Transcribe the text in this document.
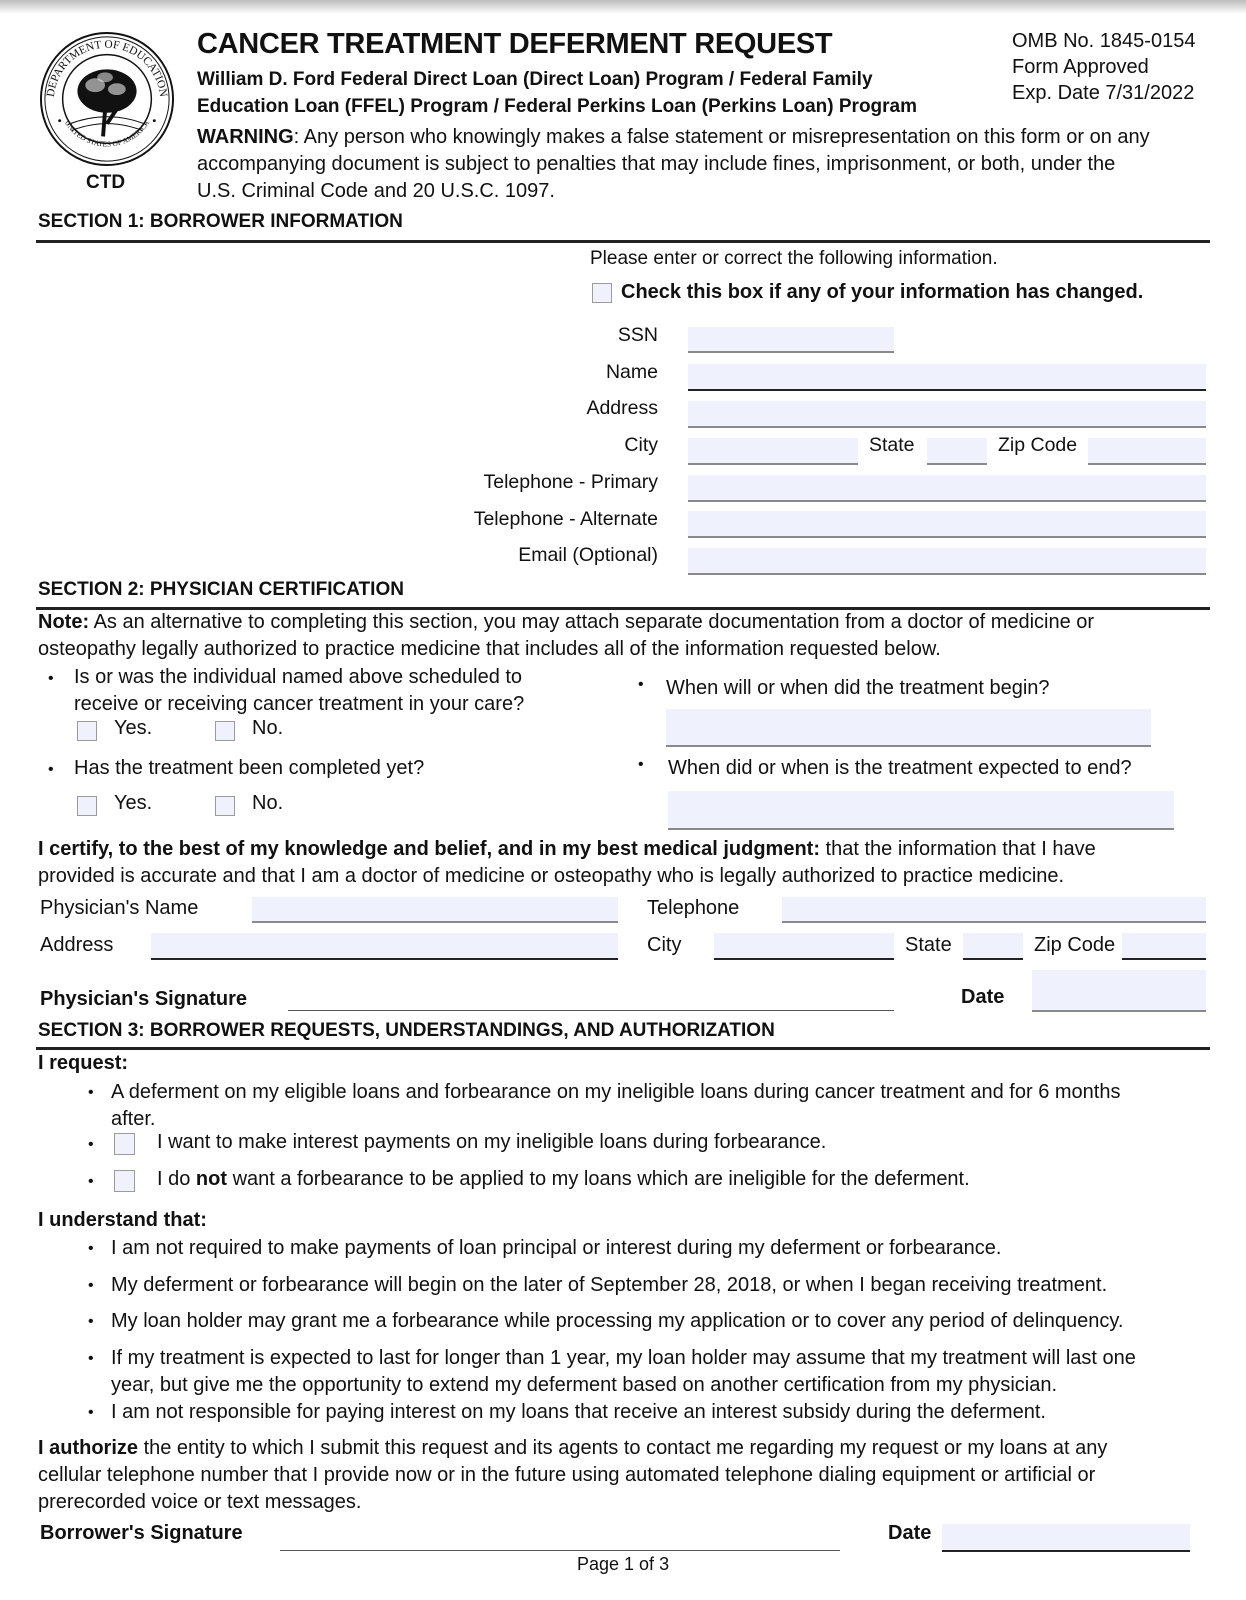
DEPARTMENT OF EDUCATION
UNITED STATES OF AMERICA
CTD
CANCER TREATMENT DEFERMENT REQUEST
William D. Ford Federal Direct Loan (Direct Loan) Program / Federal Family
Education Loan (FFEL) Program / Federal Perkins Loan (Perkins Loan) Program
WARNING: Any person who knowingly makes a false statement or misrepresentation on this form or on any
accompanying document is subject to penalties that may include fines, imprisonment, or both, under the
U.S. Criminal Code and 20 U.S.C. 1097.
OMB No. 1845-0154
Form Approved
Exp. Date 7/31/2022
SECTION 1: BORROWER INFORMATION
Please enter or correct the following information.
Check this box if any of your information has changed.
SSN
Name
Address
City	State	Zip Code
Telephone - Primary
Telephone - Alternate
Email (Optional)
SECTION 2: PHYSICIAN CERTIFICATION
Note: As an alternative to completing this section, you may attach separate documentation from a doctor of medicine or
osteopathy legally authorized to practice medicine that includes all of the information requested below.
• Is or was the individual named above scheduled to
receive or receiving cancer treatment in your care?
Yes.	No.
• Has the treatment been completed yet?
Yes.	No.
• When will or when did the treatment begin?
• When did or when is the treatment expected to end?
I certify, to the best of my knowledge and belief, and in my best medical judgment: that the information that I have
provided is accurate and that I am a doctor of medicine or osteopathy who is legally authorized to practice medicine.
Physician's Name	Telephone
Address	City	State	Zip Code
Physician's Signature	Date
SECTION 3: BORROWER REQUESTS, UNDERSTANDINGS, AND AUTHORIZATION
I request:
• A deferment on my eligible loans and forbearance on my ineligible loans during cancer treatment and for 6 months
after.
•	I want to make interest payments on my ineligible loans during forbearance.
•	I do not want a forbearance to be applied to my loans which are ineligible for the deferment.
I understand that:
• I am not required to make payments of loan principal or interest during my deferment or forbearance.
• My deferment or forbearance will begin on the later of September 28, 2018, or when I began receiving treatment.
• My loan holder may grant me a forbearance while processing my application or to cover any period of delinquency.
• If my treatment is expected to last for longer than 1 year, my loan holder may assume that my treatment will last one
year, but give me the opportunity to extend my deferment based on another certification from my physician.
• I am not responsible for paying interest on my loans that receive an interest subsidy during the deferment.
I authorize the entity to which I submit this request and its agents to contact me regarding my request or my loans at any
cellular telephone number that I provide now or in the future using automated telephone dialing equipment or artificial or
prerecorded voice or text messages.
Borrower's Signature	Date
Page 1 of 3
